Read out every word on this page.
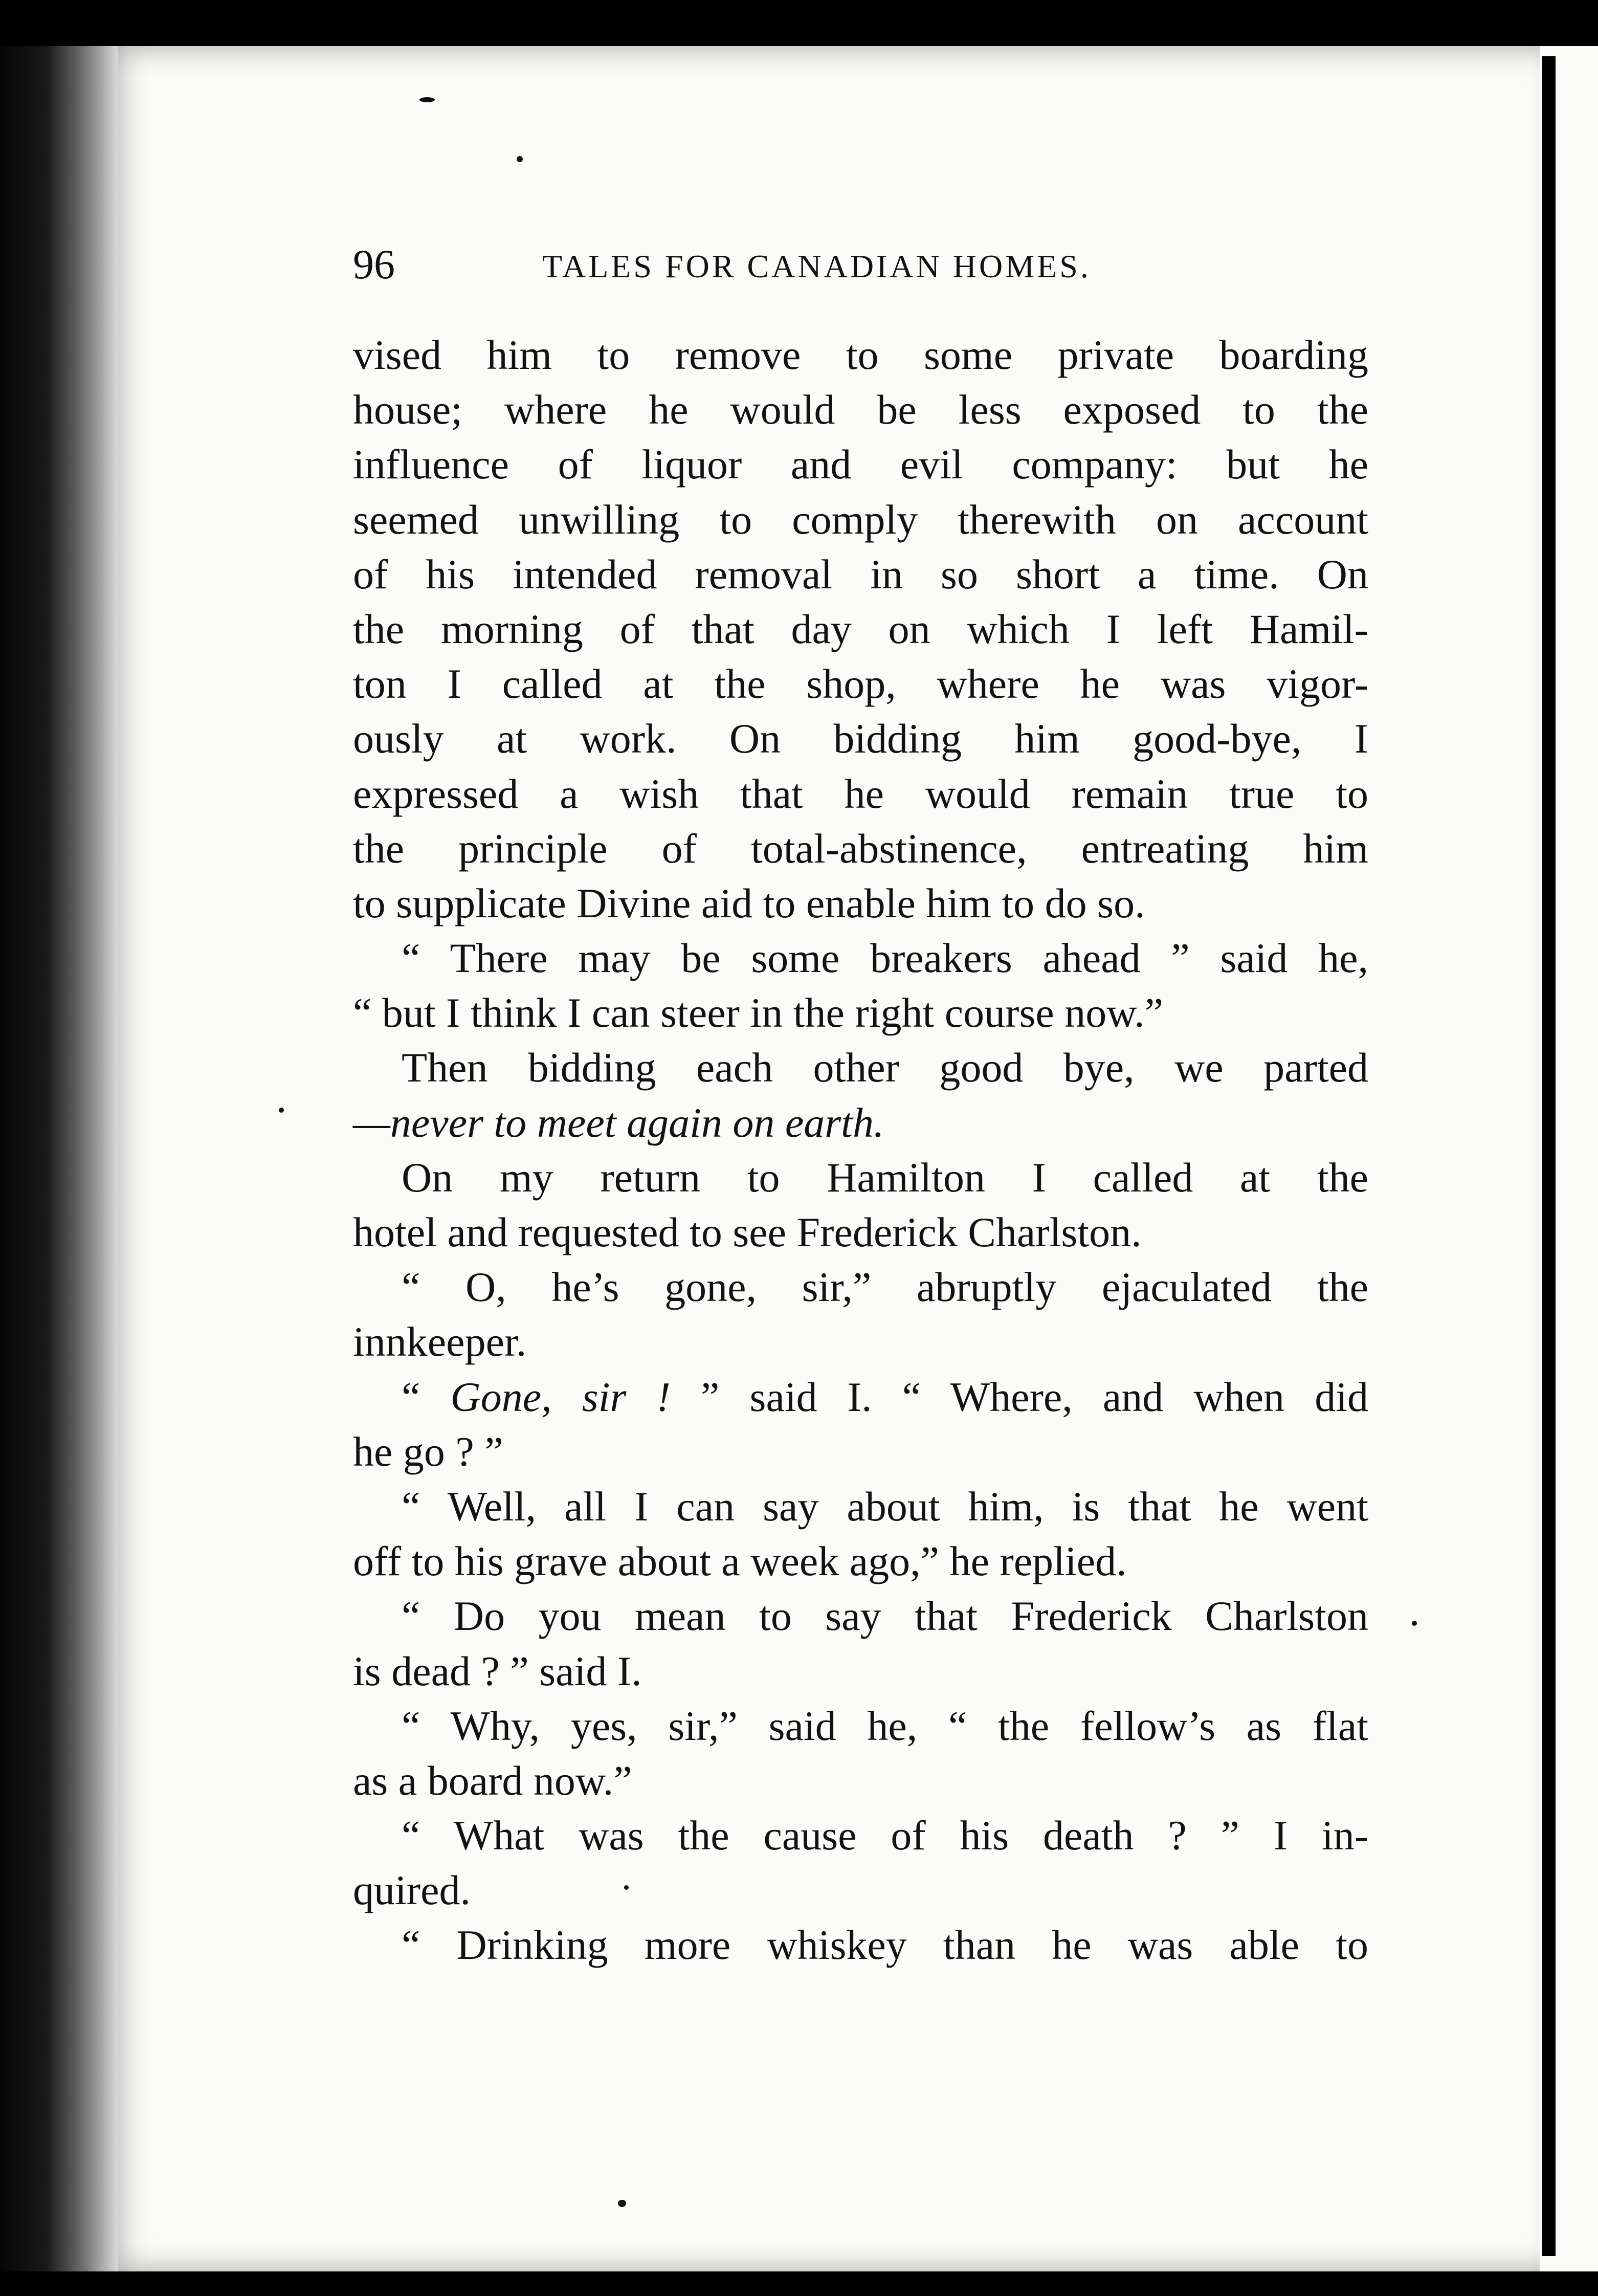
96	TALES FOR CANADIAN HOMES.
vised him to remove to some private boarding
house; where he would be less exposed to the
influence of liquor and evil company: but he
seemed unwilling to comply therewith on account
of his intended removal in so short a time. On
the morning of that day on which I left Hamil-
ton I called at the shop, where he was vigor-
ously at work. On bidding him good-bye, I
expressed a wish that he would remain true to
the principle of total-abstinence, entreating him
to supplicate Divine aid to enable him to do so.
“ There may be some breakers ahead ” said he,
“ but I think I can steer in the right course now.”
Then bidding each other good bye, we parted
—never to meet again on earth.
On my return to Hamilton I called at the
hotel and requested to see Frederick Charlston.
“ O, he’s gone, sir,” abruptly ejaculated the
innkeeper.
“ Gone, sir ! ” said I. “ Where, and when did
he go ? ”
“ Well, all I can say about him, is that he went
off to his grave about a week ago,” he replied.
“ Do you mean to say that Frederick Charlston
is dead ? ” said I.
“ Why, yes, sir,” said he, “ the fellow’s as flat
as a board now.”
“ What was the cause of his death ? ” I in-
quired.
“ Drinking more whiskey than he was able to
